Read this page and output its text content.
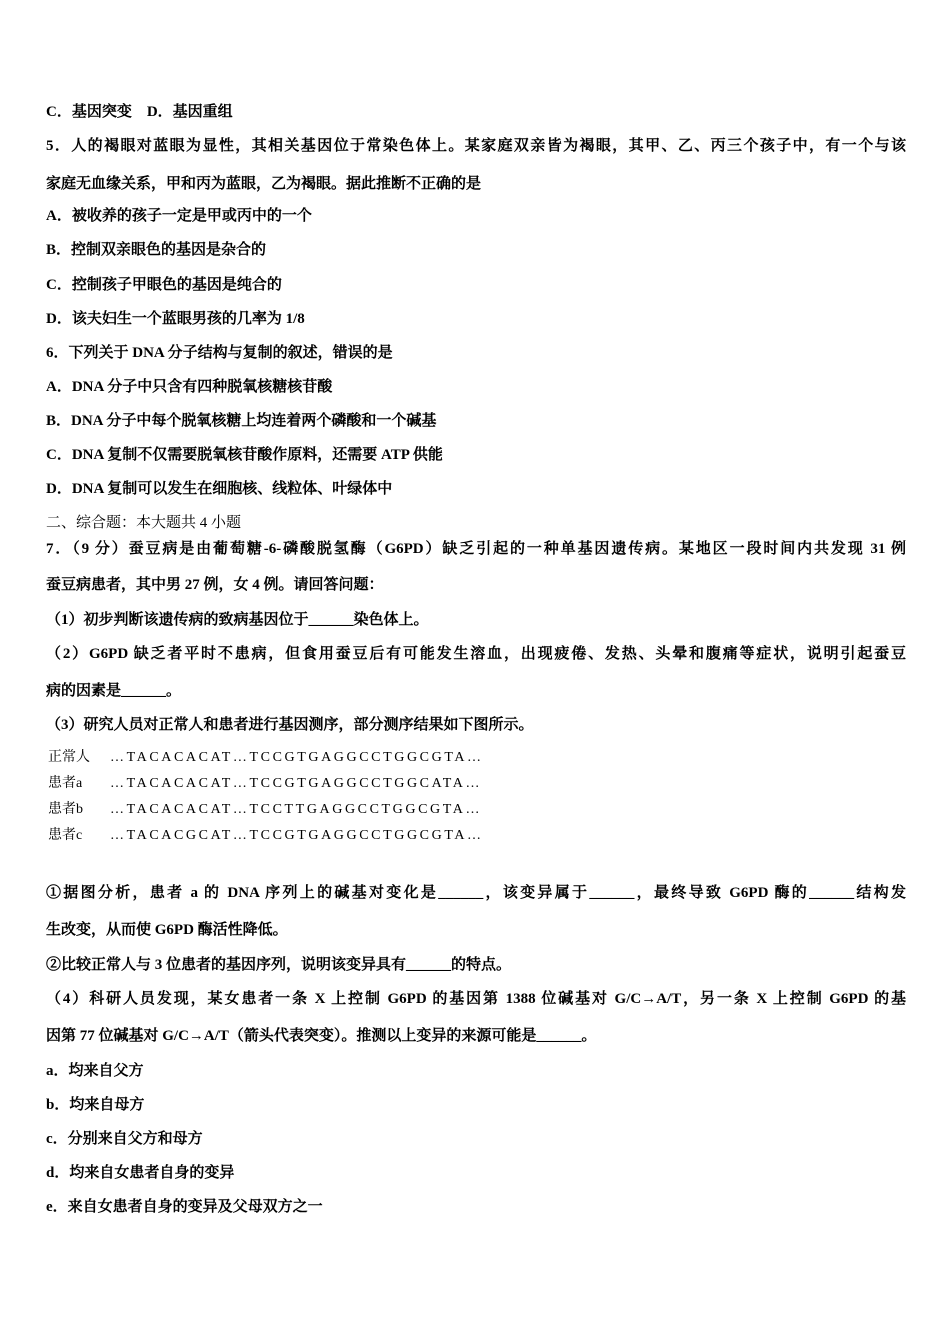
C．基因突变　D．基因重组
5．人的褐眼对蓝眼为显性，其相关基因位于常染色体上。某家庭双亲皆为褐眼，其甲、乙、丙三个孩子中，有一个与该
家庭无血缘关系，甲和丙为蓝眼，乙为褐眼。据此推断不正确的是
A．被收养的孩子一定是甲或丙中的一个
B．控制双亲眼色的基因是杂合的
C．控制孩子甲眼色的基因是纯合的
D．该夫妇生一个蓝眼男孩的几率为 1/8
6．下列关于 DNA 分子结构与复制的叙述，错误的是
A．DNA 分子中只含有四种脱氧核糖核苷酸
B．DNA 分子中每个脱氧核糖上均连着两个磷酸和一个碱基
C．DNA 复制不仅需要脱氧核苷酸作原料，还需要 ATP 供能
D．DNA 复制可以发生在细胞核、线粒体、叶绿体中
二、综合题：本大题共 4 小题
7．（9 分）蚕豆病是由葡萄糖-6-磷酸脱氢酶（G6PD）缺乏引起的一种单基因遗传病。某地区一段时间内共发现 31 例
蚕豆病患者，其中男 27 例，女 4 例。请回答问题：
（1）初步判断该遗传病的致病基因位于______染色体上。
（2）G6PD 缺乏者平时不患病，但食用蚕豆后有可能发生溶血，出现疲倦、发热、头晕和腹痛等症状，说明引起蚕豆
病的因素是______。
（3）研究人员对正常人和患者进行基因测序，部分测序结果如下图所示。
正常人 …TACACACAT…TCCGTGAGGCCTGGCGTA…
患者a …TACACACAT…TCCGTGAGGCCTGGCATA…
患者b …TACACACAT…TCCTTGAGGCCTGGCGTA…
患者c …TACACGCAT…TCCGTGAGGCCTGGCGTA…
①据图分析，患者 a 的 DNA 序列上的碱基对变化是______，该变异属于______，最终导致 G6PD 酶的______结构发
生改变，从而使 G6PD 酶活性降低。
②比较正常人与 3 位患者的基因序列，说明该变异具有______的特点。
（4）科研人员发现，某女患者一条 X 上控制 G6PD 的基因第 1388 位碱基对 G/C→A/T，另一条 X 上控制 G6PD 的基
因第 77 位碱基对 G/C→A/T（箭头代表突变）。推测以上变异的来源可能是______。
a．均来自父方
b．均来自母方
c．分别来自父方和母方
d．均来自女患者自身的变异
e．来自女患者自身的变异及父母双方之一
